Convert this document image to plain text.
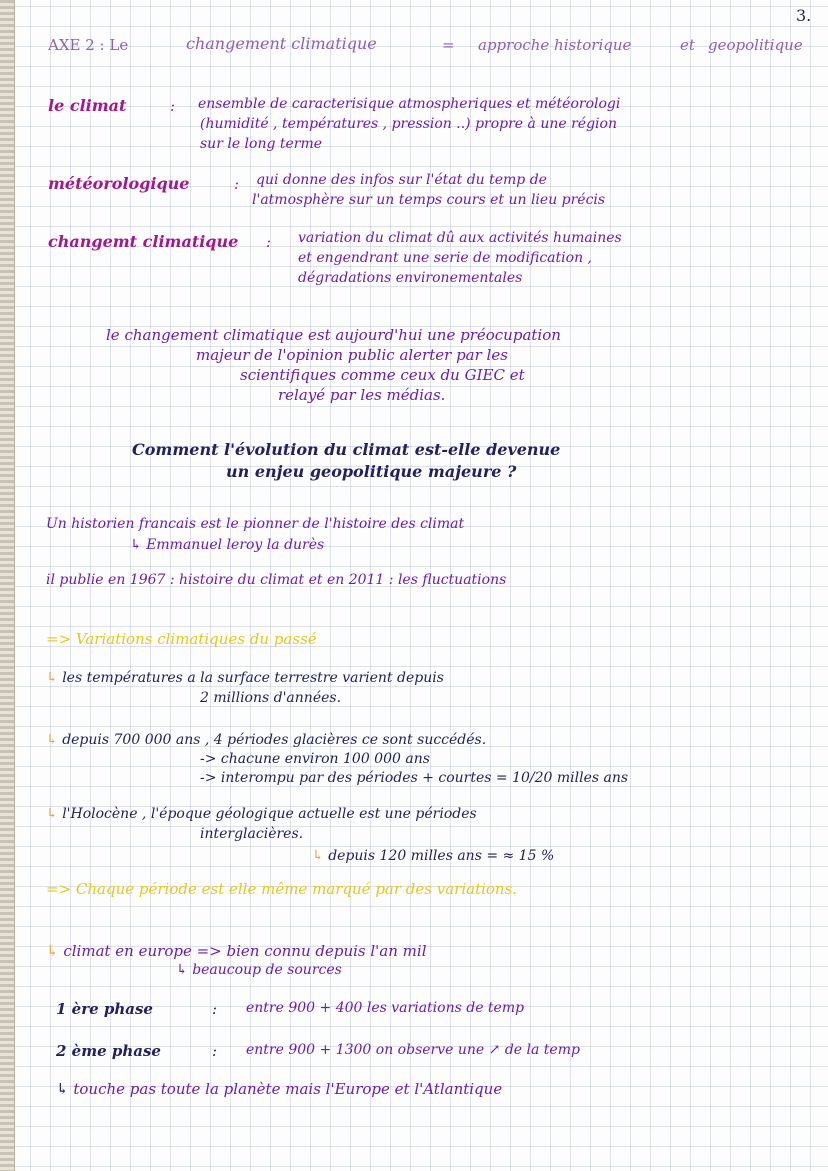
3.
AXE 2 : Le	changement climatique	= approche historique	et geopolitique
le climat	: ensemble de caracterisique atmospheriques et météorologi
(humidité , températures , pression ..) propre à une région
sur le long terme
météorologique	: qui donne des infos sur l'état du temp de
l'atmosphère sur un temps cours et un lieu précis
changemt climatique : variation du climat dû aux activités humaines
et engendrant une serie de modification ,
dégradations environementales
le changement climatique est aujourd'hui une préocupation
majeur de l'opinion public alerter par les
scientifiques comme ceux du GIEC et
relayé par les médias.
Comment l'évolution du climat est-elle devenue
un enjeu geopolitique majeure ?
Un historien francais est le pionner de l'histoire des climat
↳ Emmanuel leroy la durès
il publie en 1967 : histoire du climat et en 2011 : les fluctuations
=> Variations climatiques du passé
↳ les températures a la surface terrestre varient depuis
2 millions d'années.
↳ depuis 700 000 ans , 4 périodes glacières ce sont succédés.
-> chacune environ 100 000 ans
-> interompu par des périodes + courtes = 10/20 milles ans
↳ l'Holocène , l'époque géologique actuelle est une périodes
interglacières.
↳ depuis 120 milles ans = ≈ 15 %
=> Chaque période est elle même marqué par des variations.
↳ climat en europe => bien connu depuis l'an mil
↳ beaucoup de sources
1 ère phase	: entre 900 + 400 les variations de temp
2 ème phase	: entre 900 + 1300 on observe une ↗ de la temp
↳ touche pas toute la planète mais l'Europe et l'Atlantique
